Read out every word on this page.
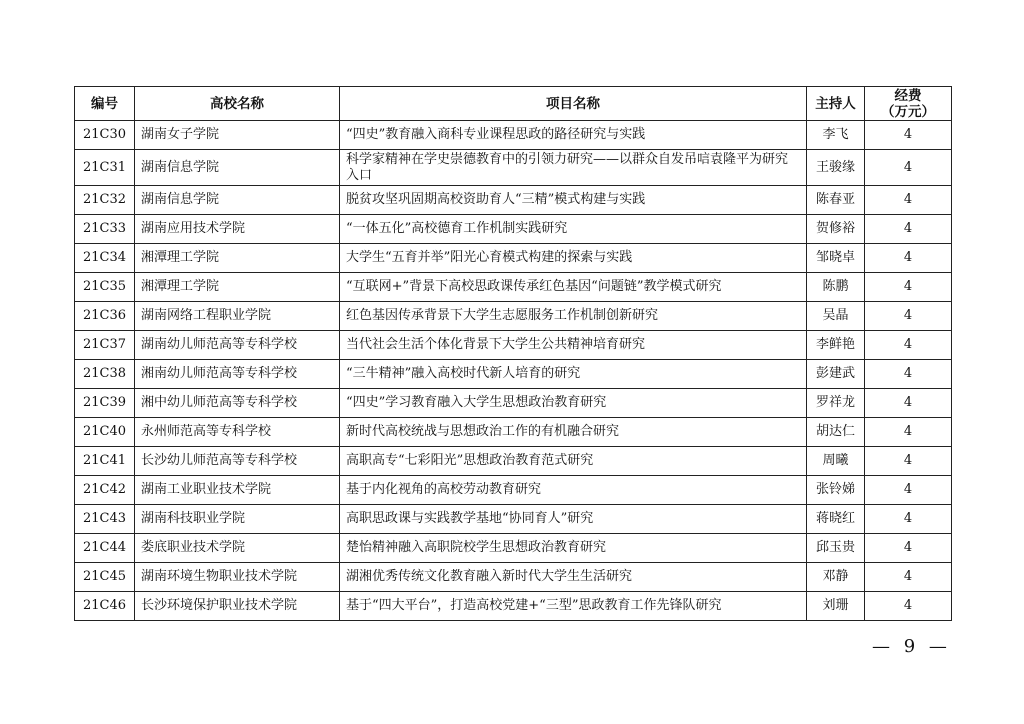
编号	高校名称	项目名称	主持人	经费
（万元）
21C30	湖南女子学院	“四史”教育融入商科专业课程思政的路径研究与实践	李飞	4
21C31	湖南信息学院	科学家精神在学史崇德教育中的引领力研究——以群众自发吊唁袁隆平为研究入口	王骏缘	4
21C32	湖南信息学院	脱贫攻坚巩固期高校资助育人“三精”模式构建与实践	陈春亚	4
21C33	湖南应用技术学院	“一体五化”高校德育工作机制实践研究	贺修裕	4
21C34	湘潭理工学院	大学生“五育并举”阳光心育模式构建的探索与实践	邹晓卓	4
21C35	湘潭理工学院	“互联网+”背景下高校思政课传承红色基因“问题链”教学模式研究	陈鹏	4
21C36	湖南网络工程职业学院	红色基因传承背景下大学生志愿服务工作机制创新研究	吴晶	4
21C37	湖南幼儿师范高等专科学校	当代社会生活个体化背景下大学生公共精神培育研究	李鲜艳	4
21C38	湘南幼儿师范高等专科学校	“三牛精神”融入高校时代新人培育的研究	彭建武	4
21C39	湘中幼儿师范高等专科学校	“四史”学习教育融入大学生思想政治教育研究	罗祥龙	4
21C40	永州师范高等专科学校	新时代高校统战与思想政治工作的有机融合研究	胡达仁	4
21C41	长沙幼儿师范高等专科学校	高职高专“七彩阳光”思想政治教育范式研究	周曦	4
21C42	湖南工业职业技术学院	基于内化视角的高校劳动教育研究	张铃娣	4
21C43	湖南科技职业学院	高职思政课与实践教学基地“协同育人”研究	蒋晓红	4
21C44	娄底职业技术学院	楚怡精神融入高职院校学生思想政治教育研究	邱玉贵	4
21C45	湖南环境生物职业技术学院	湖湘优秀传统文化教育融入新时代大学生生活研究	邓静	4
21C46	长沙环境保护职业技术学院	基于“四大平台”，打造高校党建+“三型”思政教育工作先锋队研究	刘珊	4
— 9 —
